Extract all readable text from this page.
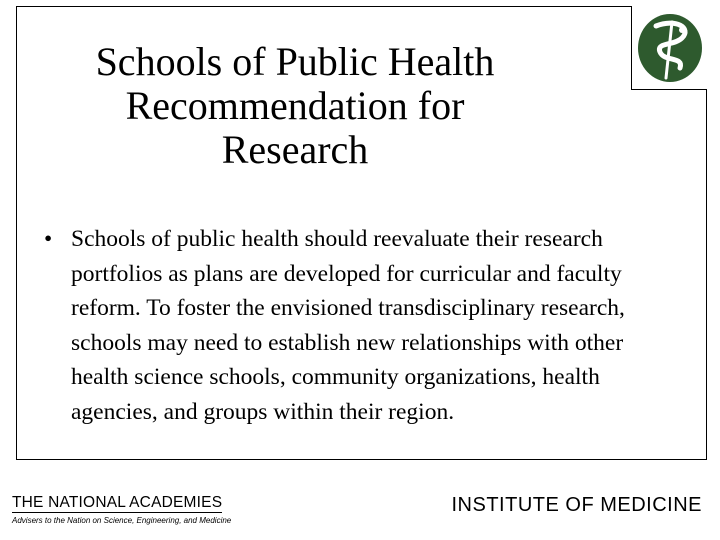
Schools of Public Health
Recommendation for
Research
• Schools of public health should reevaluate their research portfolios as plans are developed for curricular and faculty reform. To foster the envisioned transdisciplinary research, schools may need to establish new relationships with other health science schools, community organizations, health agencies, and groups within their region.
THE NATIONAL ACADEMIES
Advisers to the Nation on Science, Engineering, and Medicine
INSTITUTE OF MEDICINE
